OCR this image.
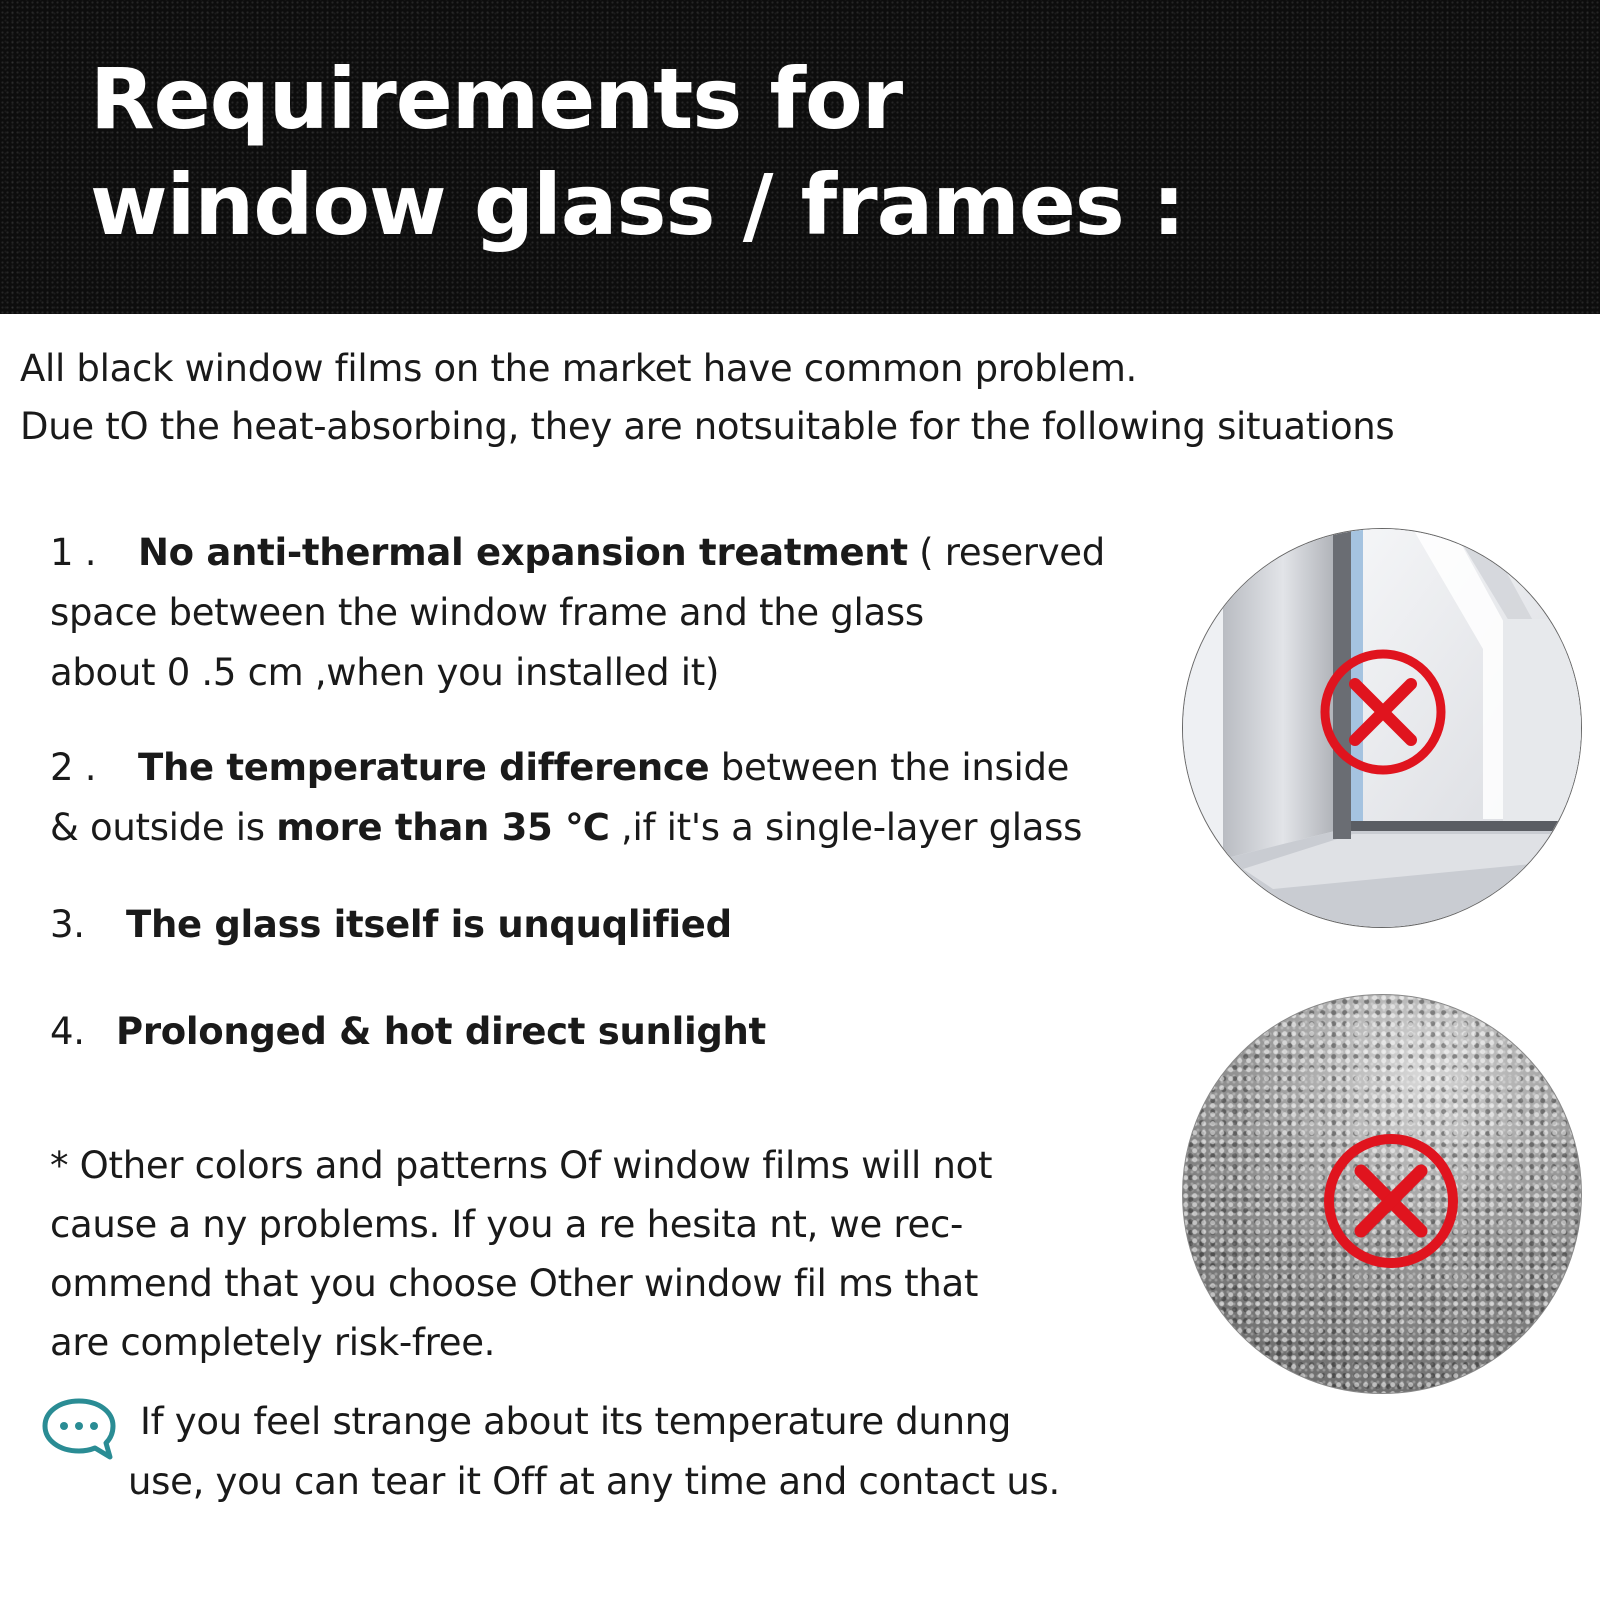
Requirements for
window glass / frames :
All black window films on the market have common problem.
Due tO the heat-absorbing, they are notsuitable for the following situations
1 . No anti-thermal expansion treatment ( reserved
space between the window frame and the glass
about 0 .5 cm ,when you installed it)
2 . The temperature difference between the inside
& outside is more than 35 ℃ ,if it's a single-layer glass
3. The glass itself is unquqlified
4. Prolonged & hot direct sunlight
* Other colors and patterns Of window films will not
cause a ny problems. If you a re hesita nt, we rec-
ommend that you choose Other window fil ms that
are completely risk-free.
If you feel strange about its temperature dunng
use, you can tear it Off at any time and contact us.
